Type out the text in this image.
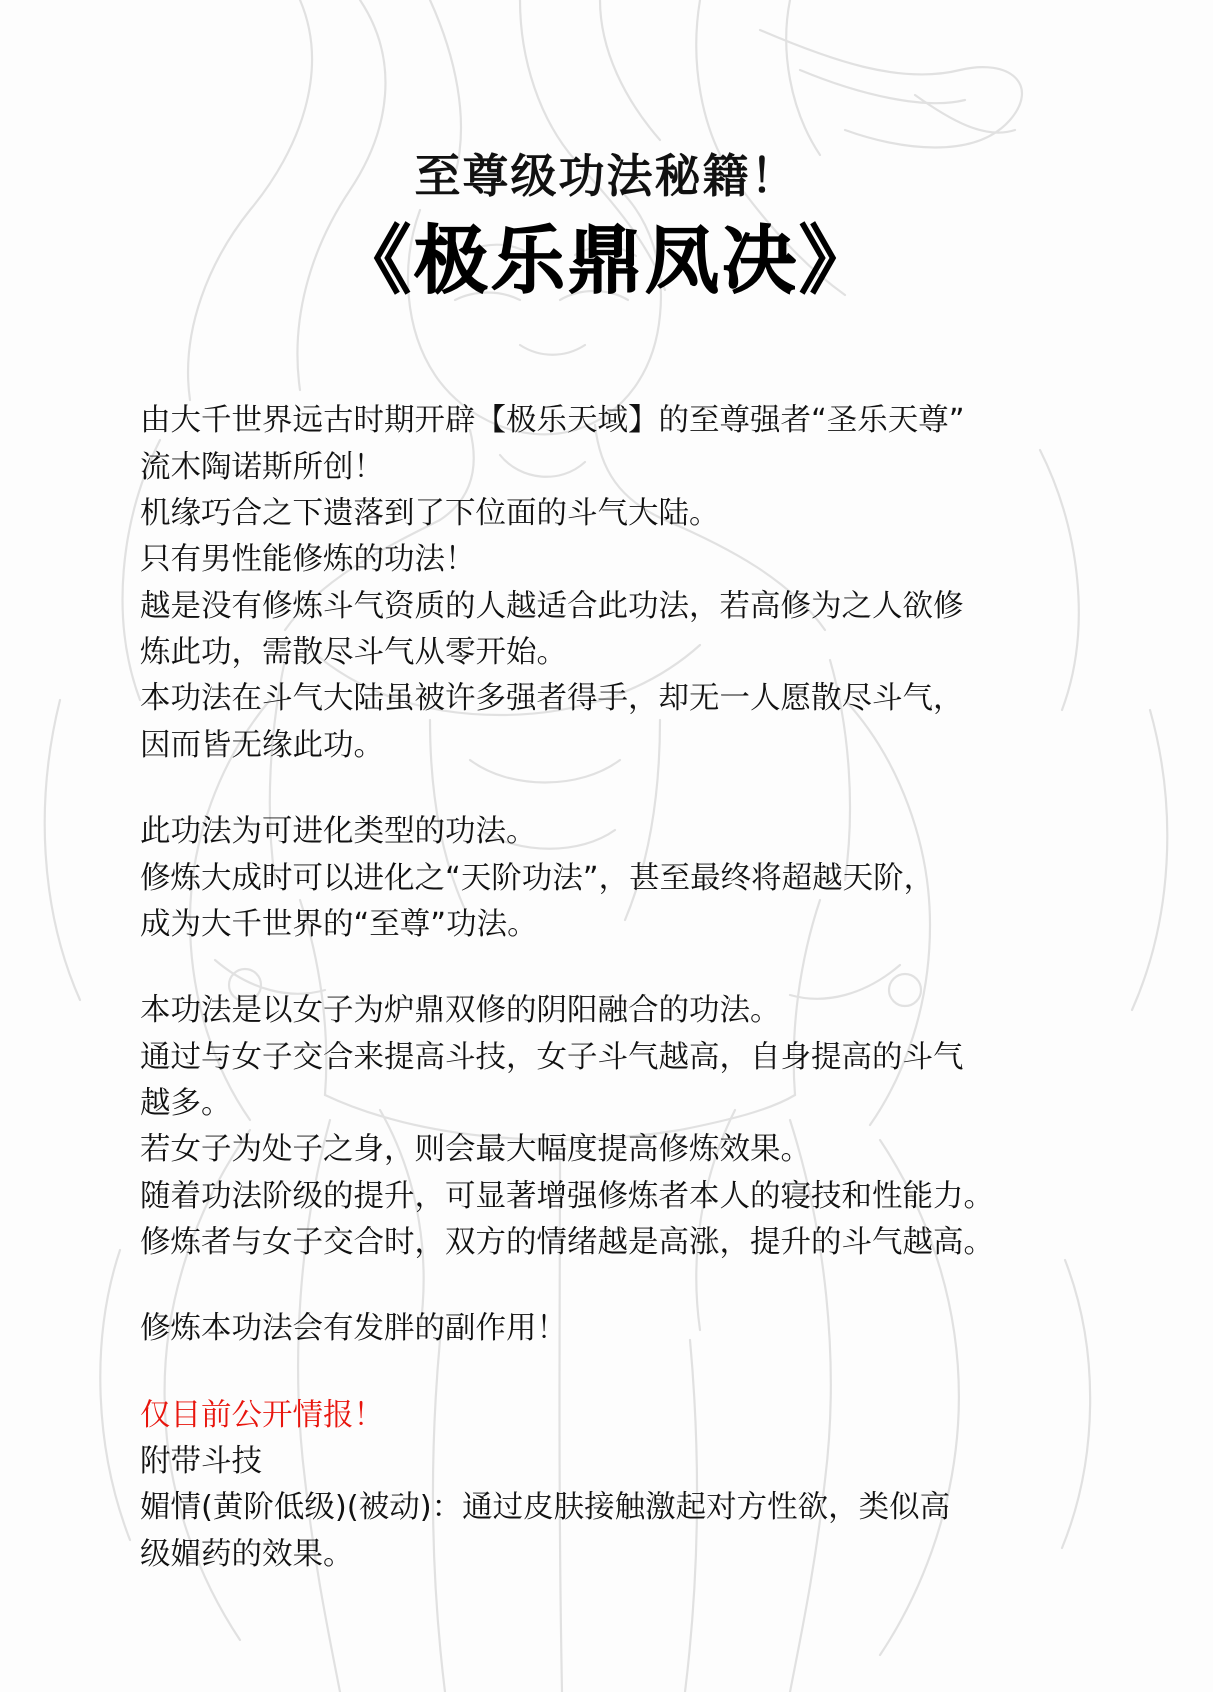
至尊级功法秘籍！
《极乐鼎凤决》

由大千世界远古时期开辟【极乐天域】的至尊强者“圣乐天尊”

流木陶诺斯所创！

机缘巧合之下遗落到了下位面的斗气大陆。

只有男性能修炼的功法！

越是没有修炼斗气资质的人越适合此功法，若高修为之人欲修

炼此功，需散尽斗气从零开始。

本功法在斗气大陆虽被许多强者得手，却无一人愿散尽斗气，

因而皆无缘此功。

此功法为可进化类型的功法。

修炼大成时可以进化之“天阶功法”，甚至最终将超越天阶，

成为大千世界的“至尊”功法。

本功法是以女子为炉鼎双修的阴阳融合的功法。

通过与女子交合来提高斗技，女子斗气越高，自身提高的斗气

越多。

若女子为处子之身，则会最大幅度提高修炼效果。

随着功法阶级的提升，可显著增强修炼者本人的寝技和性能力。

修炼者与女子交合时，双方的情绪越是高涨，提升的斗气越高。

修炼本功法会有发胖的副作用！

仅目前公开情报！

附带斗技

媚情(黄阶低级)(被动)：通过皮肤接触激起对方性欲，类似高

级媚药的效果。
